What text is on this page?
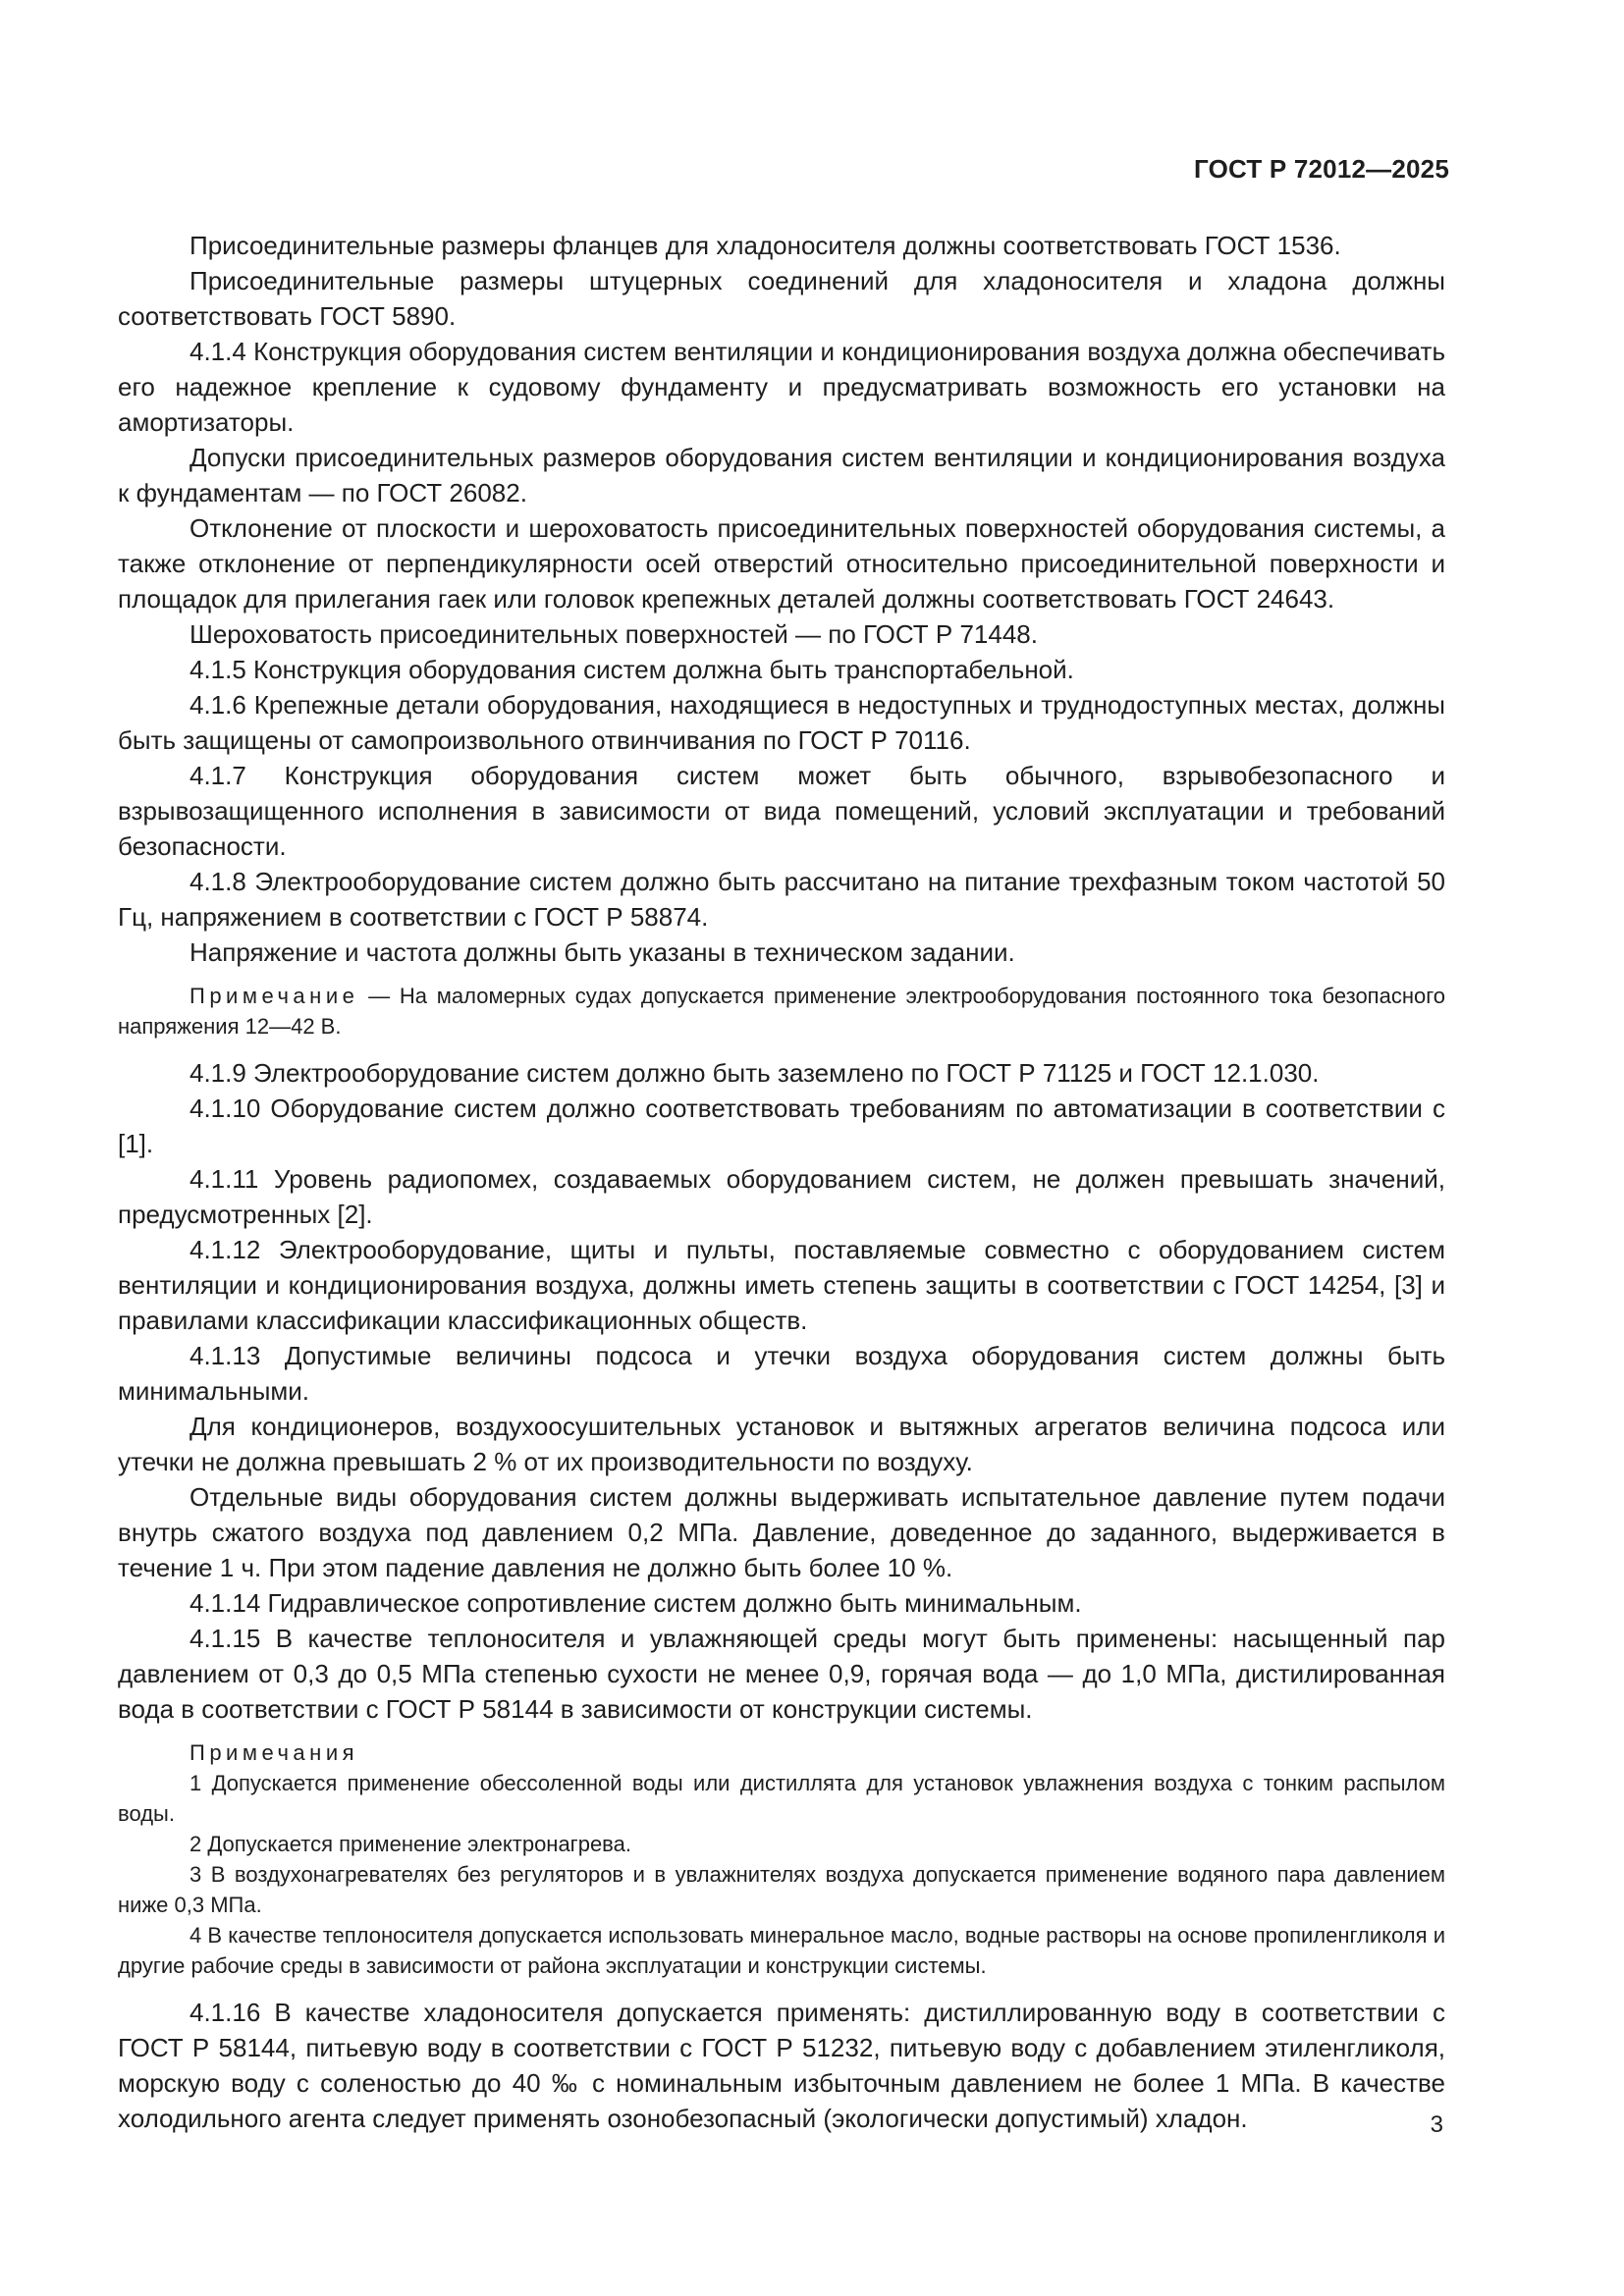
ГОСТ Р 72012—2025

Присоединительные размеры фланцев для хладоносителя должны соответствовать ГОСТ 1536.

Присоединительные размеры штуцерных соединений для хладоносителя и хладона должны соответствовать ГОСТ 5890.

4.1.4 Конструкция оборудования систем вентиляции и кондиционирования воздуха должна обеспечивать его надежное крепление к судовому фундаменту и предусматривать возможность его установки на амортизаторы.

Допуски присоединительных размеров оборудования систем вентиляции и кондиционирования воздуха к фундаментам — по ГОСТ 26082.

Отклонение от плоскости и шероховатость присоединительных поверхностей оборудования системы, а также отклонение от перпендикулярности осей отверстий относительно присоединительной поверхности и площадок для прилегания гаек или головок крепежных деталей должны соответствовать ГОСТ 24643.

Шероховатость присоединительных поверхностей — по ГОСТ Р 71448.

4.1.5 Конструкция оборудования систем должна быть транспортабельной.

4.1.6 Крепежные детали оборудования, находящиеся в недоступных и труднодоступных местах, должны быть защищены от самопроизвольного отвинчивания по ГОСТ Р 70116.

4.1.7 Конструкция оборудования систем может быть обычного, взрывобезопасного и взрывозащищенного исполнения в зависимости от вида помещений, условий эксплуатации и требований безопасности.

4.1.8 Электрооборудование систем должно быть рассчитано на питание трехфазным током частотой 50 Гц, напряжением в соответствии с ГОСТ Р 58874.

Напряжение и частота должны быть указаны в техническом задании.

Примечание — На маломерных судах допускается применение электрооборудования постоянного тока безопасного напряжения 12—42 В.

4.1.9 Электрооборудование систем должно быть заземлено по ГОСТ Р 71125 и ГОСТ 12.1.030.

4.1.10 Оборудование систем должно соответствовать требованиям по автоматизации в соответствии с [1].

4.1.11 Уровень радиопомех, создаваемых оборудованием систем, не должен превышать значений, предусмотренных [2].

4.1.12 Электрооборудование, щиты и пульты, поставляемые совместно с оборудованием систем вентиляции и кондиционирования воздуха, должны иметь степень защиты в соответствии с ГОСТ 14254, [3] и правилами классификации классификационных обществ.

4.1.13 Допустимые величины подсоса и утечки воздуха оборудования систем должны быть минимальными.

Для кондиционеров, воздухоосушительных установок и вытяжных агрегатов величина подсоса или утечки не должна превышать 2 % от их производительности по воздуху.

Отдельные виды оборудования систем должны выдерживать испытательное давление путем подачи внутрь сжатого воздуха под давлением 0,2 МПа. Давление, доведенное до заданного, выдерживается в течение 1 ч. При этом падение давления не должно быть более 10 %.

4.1.14 Гидравлическое сопротивление систем должно быть минимальным.

4.1.15 В качестве теплоносителя и увлажняющей среды могут быть применены: насыщенный пар давлением от 0,3 до 0,5 МПа степенью сухости не менее 0,9, горячая вода — до 1,0 МПа, дистилированная вода в соответствии с ГОСТ Р 58144 в зависимости от конструкции системы.

Примечания

1 Допускается применение обессоленной воды или дистиллята для установок увлажнения воздуха с тонким распылом воды.

2 Допускается применение электронагрева.

3 В воздухонагревателях без регуляторов и в увлажнителях воздуха допускается применение водяного пара давлением ниже 0,3 МПа.

4 В качестве теплоносителя допускается использовать минеральное масло, водные растворы на основе пропиленгликоля и другие рабочие среды в зависимости от района эксплуатации и конструкции системы.

4.1.16 В качестве хладоносителя допускается применять: дистиллированную воду в соответствии с ГОСТ Р 58144, питьевую воду в соответствии с ГОСТ Р 51232, питьевую воду с добавлением этиленгликоля, морскую воду с соленостью до 40 ‰ с номинальным избыточным давлением не более 1 МПа. В качестве холодильного агента следует применять озонобезопасный (экологически допустимый) хладон.	3
